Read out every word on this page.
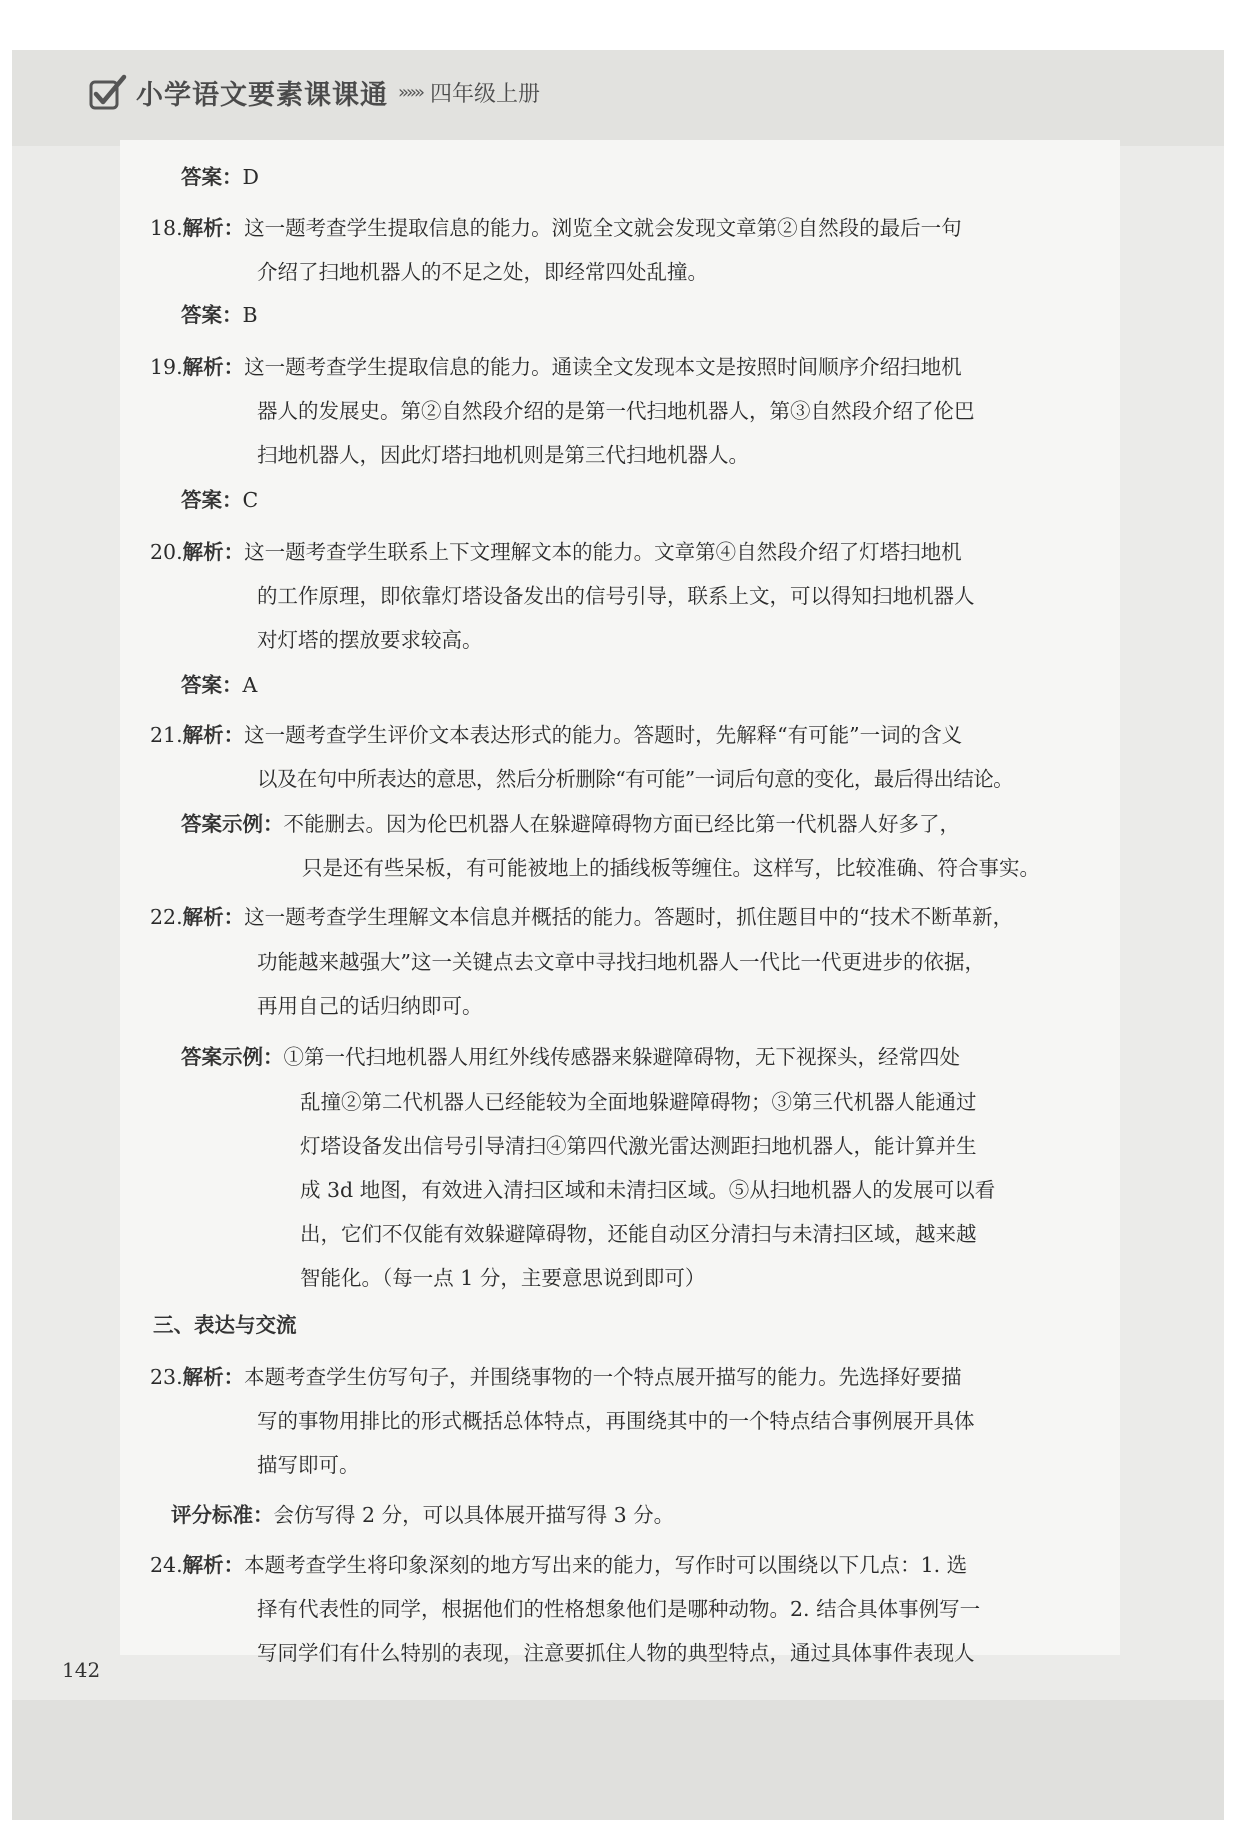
小学语文要素课课通 »»» 四年级上册
答案：D
18.解析：这一题考查学生提取信息的能力。浏览全文就会发现文章第②自然段的最后一句
介绍了扫地机器人的不足之处，即经常四处乱撞。
答案：B
19.解析：这一题考查学生提取信息的能力。通读全文发现本文是按照时间顺序介绍扫地机
器人的发展史。第②自然段介绍的是第一代扫地机器人，第③自然段介绍了伦巴
扫地机器人，因此灯塔扫地机则是第三代扫地机器人。
答案：C
20.解析：这一题考查学生联系上下文理解文本的能力。文章第④自然段介绍了灯塔扫地机
的工作原理，即依靠灯塔设备发出的信号引导，联系上文，可以得知扫地机器人
对灯塔的摆放要求较高。
答案：A
21.解析：这一题考查学生评价文本表达形式的能力。答题时，先解释“有可能”一词的含义
以及在句中所表达的意思，然后分析删除“有可能”一词后句意的变化，最后得出结论。
答案示例：不能删去。因为伦巴机器人在躲避障碍物方面已经比第一代机器人好多了，
只是还有些呆板，有可能被地上的插线板等缠住。这样写，比较准确、符合事实。
22.解析：这一题考查学生理解文本信息并概括的能力。答题时，抓住题目中的“技术不断革新，
功能越来越强大”这一关键点去文章中寻找扫地机器人一代比一代更进步的依据，
再用自己的话归纳即可。
答案示例：①第一代扫地机器人用红外线传感器来躲避障碍物，无下视探头，经常四处
乱撞②第二代机器人已经能较为全面地躲避障碍物；③第三代机器人能通过
灯塔设备发出信号引导清扫④第四代激光雷达测距扫地机器人，能计算并生
成 3d 地图，有效进入清扫区域和未清扫区域。⑤从扫地机器人的发展可以看
出，它们不仅能有效躲避障碍物，还能自动区分清扫与未清扫区域，越来越
智能化。（每一点 1 分，主要意思说到即可）
三、表达与交流
23.解析：本题考查学生仿写句子，并围绕事物的一个特点展开描写的能力。先选择好要描
写的事物用排比的形式概括总体特点，再围绕其中的一个特点结合事例展开具体
描写即可。
评分标准：会仿写得 2 分，可以具体展开描写得 3 分。
24.解析：本题考查学生将印象深刻的地方写出来的能力，写作时可以围绕以下几点：1. 选
择有代表性的同学，根据他们的性格想象他们是哪种动物。2. 结合具体事例写一
写同学们有什么特别的表现，注意要抓住人物的典型特点，通过具体事件表现人
142
